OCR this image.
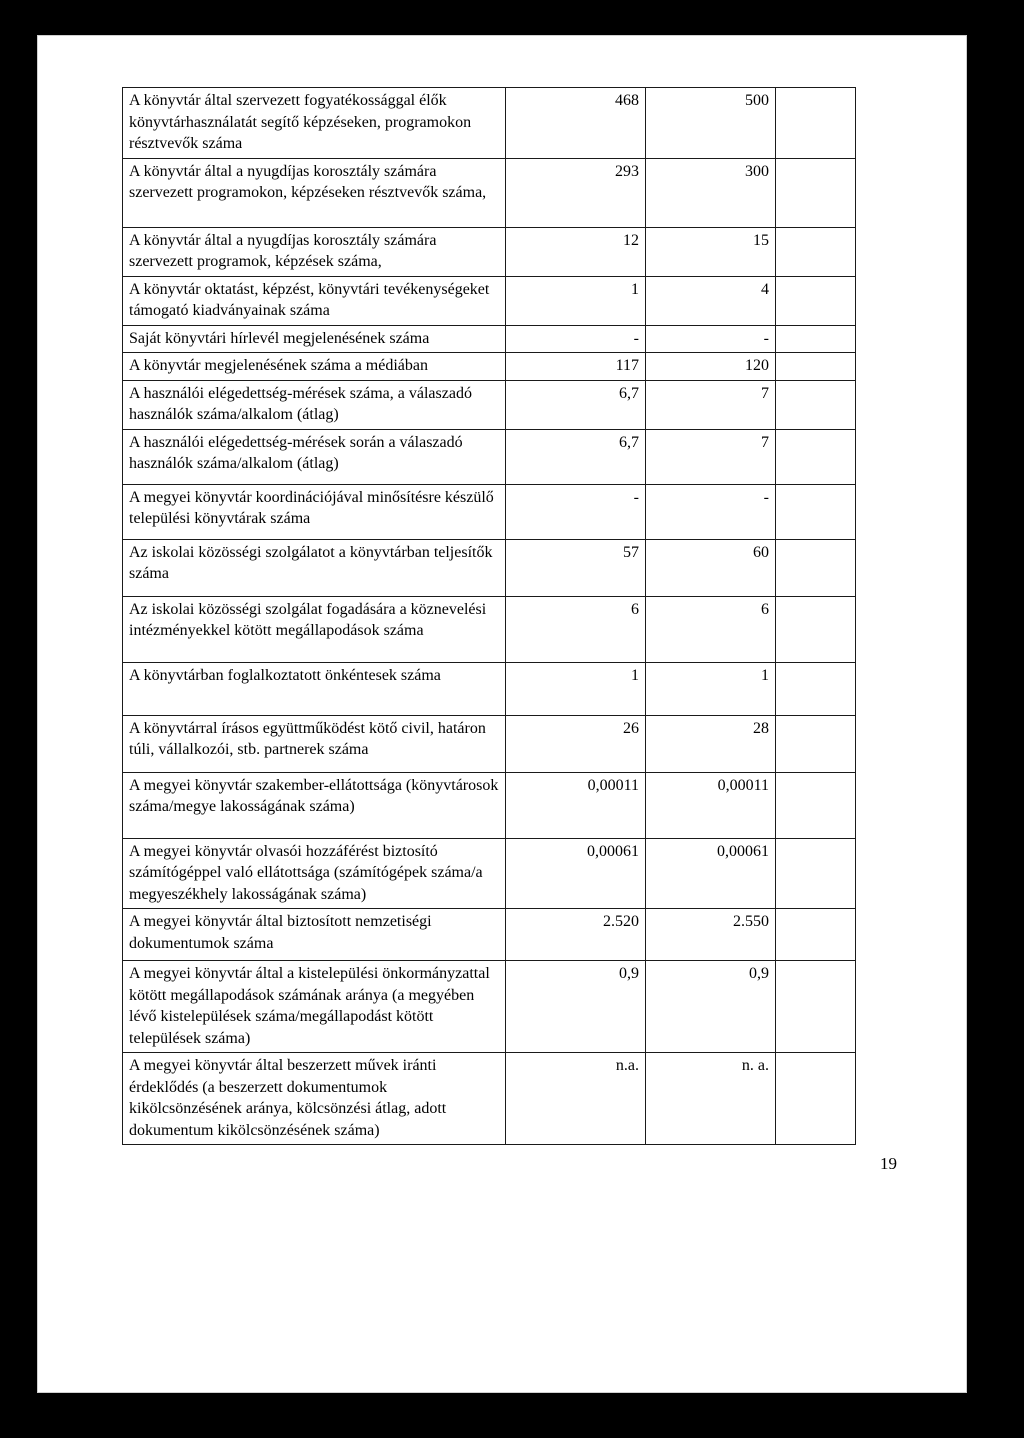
A könyvtár által szervezett fogyatékossággal élők könyvtárhasználatát segítő képzéseken, programokon résztvevők száma	468	500	
A könyvtár által a nyugdíjas korosztály számára szervezett programokon, képzéseken résztvevők száma,	293	300	
A könyvtár által a nyugdíjas korosztály számára szervezett programok, képzések száma,	12	15	
A könyvtár oktatást, képzést, könyvtári tevékenységeket támogató kiadványainak száma	1	4	
Saját könyvtári hírlevél megjelenésének száma	-	-	
A könyvtár megjelenésének száma a médiában	117	120	
A használói elégedettség-mérések száma, a válaszadó használók száma/alkalom (átlag)	6,7	7	
A használói elégedettség-mérések során a válaszadó használók száma/alkalom (átlag)	6,7	7	
A megyei könyvtár koordinációjával minősítésre készülő települési könyvtárak száma	-	-	
Az iskolai közösségi szolgálatot a könyvtárban teljesítők száma	57	60	
Az iskolai közösségi szolgálat fogadására a köznevelési intézményekkel kötött megállapodások száma	6	6	
A könyvtárban foglalkoztatott önkéntesek száma	1	1	
A könyvtárral írásos együttműködést kötő civil, határon túli, vállalkozói, stb. partnerek száma	26	28	
A megyei könyvtár szakember-ellátottsága (könyvtárosok száma/megye lakosságának száma)	0,00011	0,00011	
A megyei könyvtár olvasói hozzáférést biztosító számítógéppel való ellátottsága (számítógépek száma/a megyeszékhely lakosságának száma)	0,00061	0,00061	
A megyei könyvtár által biztosított nemzetiségi dokumentumok száma	2.520	2.550	
A megyei könyvtár által a kistelepülési önkormányzattal kötött megállapodások számának aránya (a megyében lévő kistelepülések száma/megállapodást kötött települések száma)	0,9	0,9	
A megyei könyvtár által beszerzett művek iránti érdeklődés (a beszerzett dokumentumok kikölcsönzésének aránya, kölcsönzési átlag, adott dokumentum kikölcsönzésének száma)	n.a.	n. a.	
19
